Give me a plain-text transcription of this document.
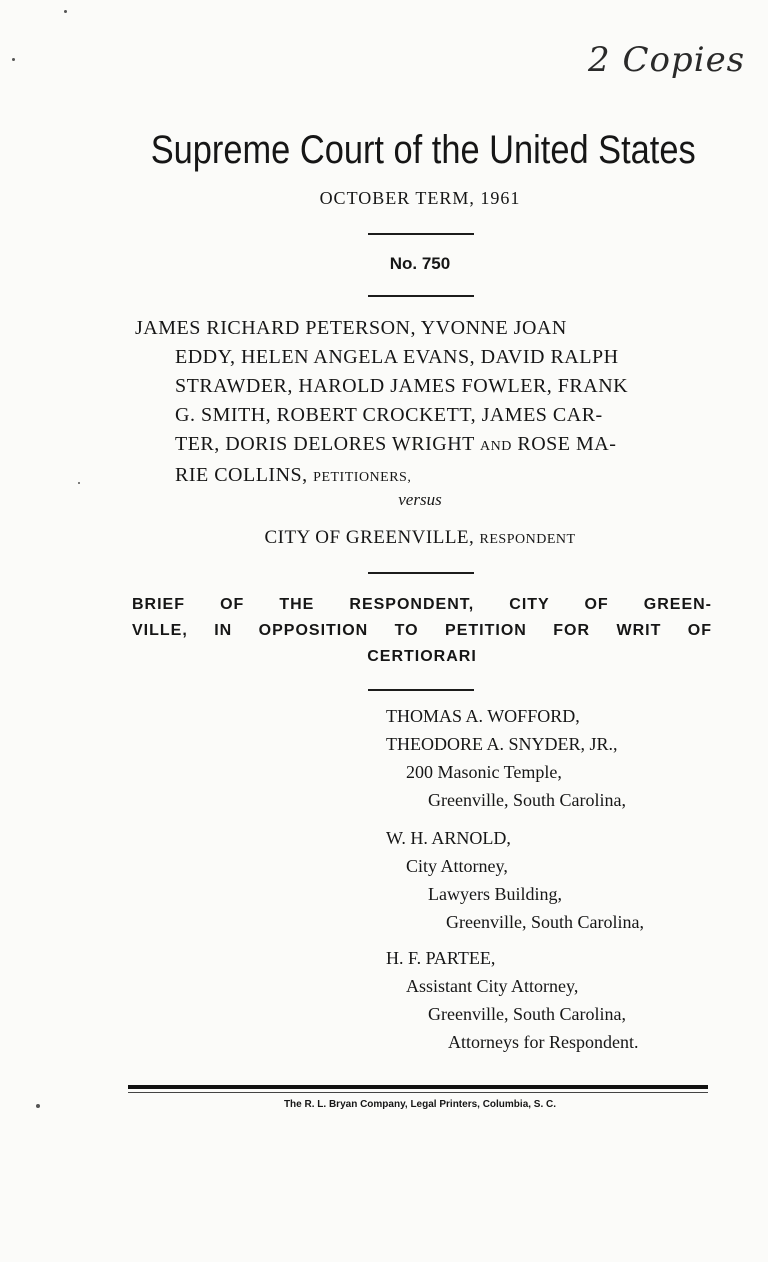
2 Copies
Supreme Court of the United States
OCTOBER TERM, 1961
No. 750

JAMES RICHARD PETERSON, YVONNE JOAN

EDDY, HELEN ANGELA EVANS, DAVID RALPH

STRAWDER, HAROLD JAMES FOWLER, FRANK

G. SMITH, ROBERT CROCKETT, JAMES CAR-

TER, DORIS DELORES WRIGHT AND ROSE MA-

RIE COLLINS, PETITIONERS,

versus
CITY OF GREENVILLE, RESPONDENT
BRIEF OF THE RESPONDENT, CITY OF GREEN-
VILLE, IN OPPOSITION TO PETITION FOR WRIT OF
CERTIORARI
THOMAS A. WOFFORD,
THEODORE A. SNYDER, JR.,
200 Masonic Temple,
Greenville, South Carolina,
W. H. ARNOLD,
City Attorney,
Lawyers Building,
Greenville, South Carolina,
H. F. PARTEE,
Assistant City Attorney,
Greenville, South Carolina,
Attorneys for Respondent.
The R. L. Bryan Company, Legal Printers, Columbia, S. C.
